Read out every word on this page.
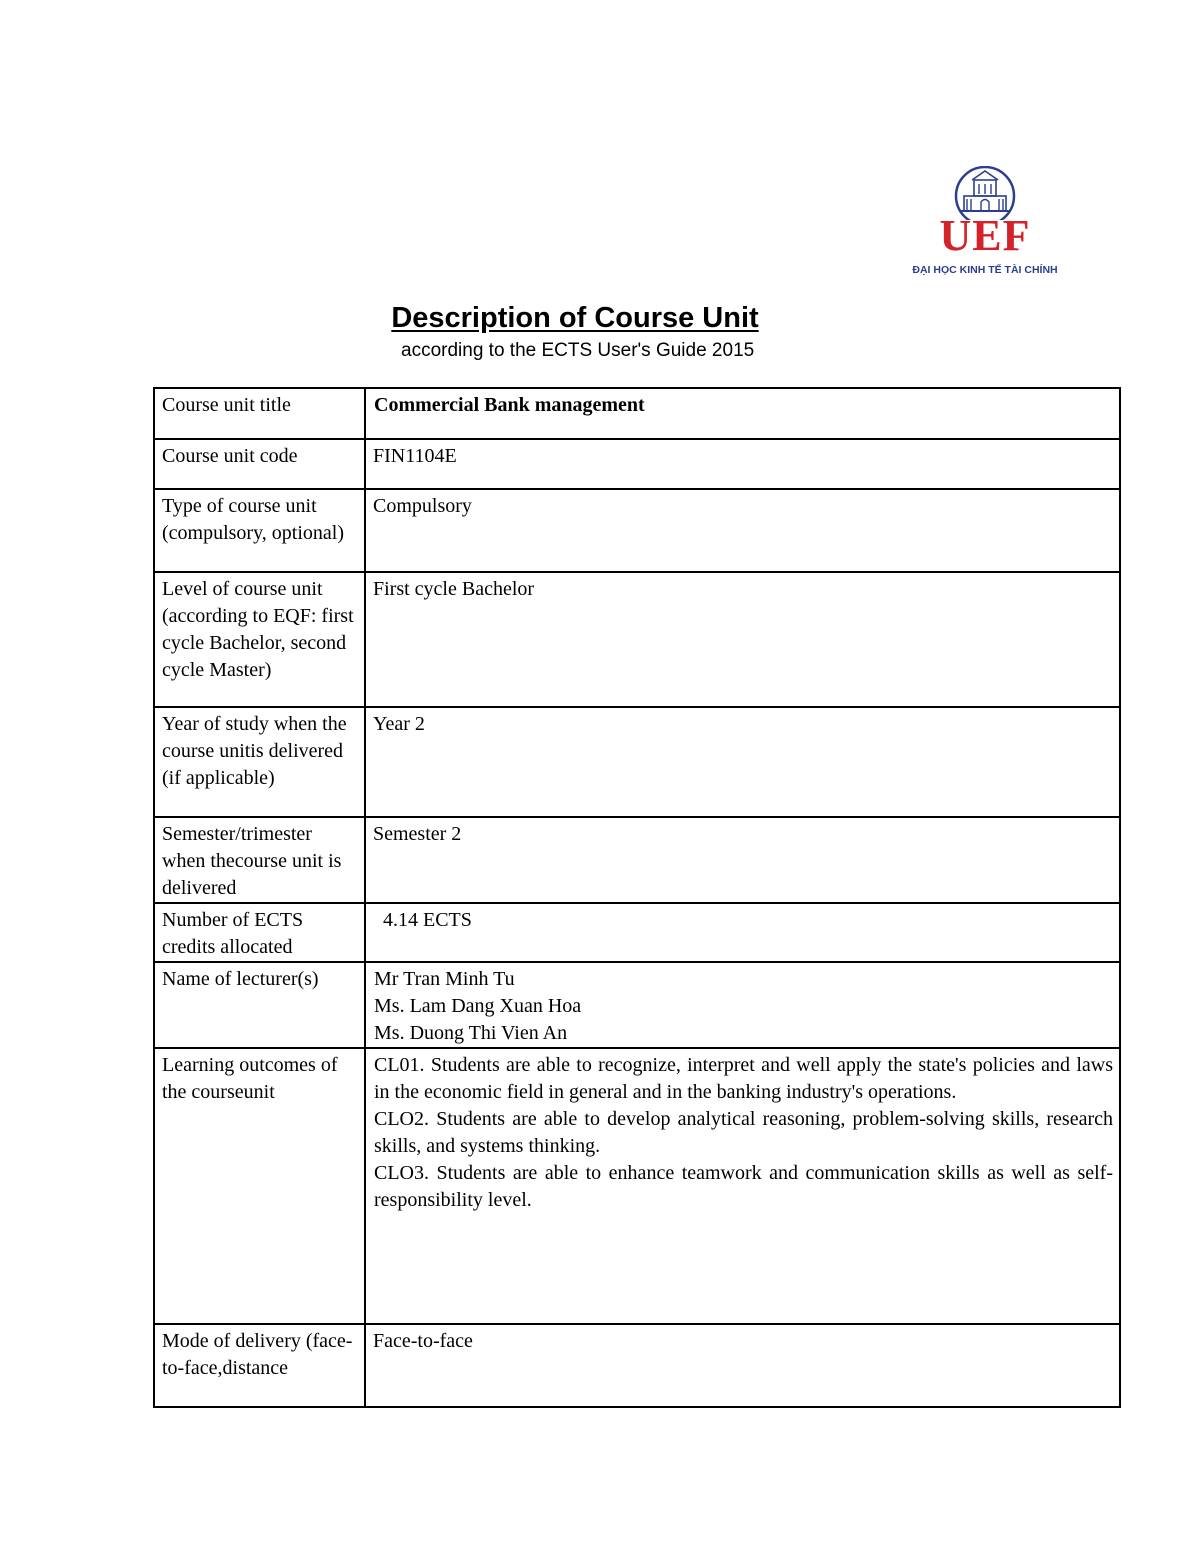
UEF
ĐẠI HỌC KINH TẾ TÀI CHÍNH
Description of Course Unit
according to the ECTS User's Guide 2015
Course unit title	Commercial Bank management
Course unit code	FIN1104E
Type of course unit (compulsory, optional)	Compulsory
Level of course unit (according to EQF: first cycle Bachelor, second cycle Master)	First cycle Bachelor
Year of study when the course unitis delivered (if applicable)	Year 2
Semester/trimester when thecourse unit is delivered	Semester 2
Number of ECTS credits allocated	4.14 ECTS
Name of lecturer(s)	Mr Tran Minh Tu
Ms. Lam Dang Xuan Hoa
Ms. Duong Thi Vien An

Learning outcomes of the courseunit	CL01. Students are able to recognize, interpret and well apply the state's policies and laws in the economic field in general and in the banking industry's operations.
CLO2. Students are able to develop analytical reasoning, problem-solving skills, research skills, and systems thinking.
CLO3. Students are able to enhance teamwork and communication skills as well as self-responsibility level.

Mode of delivery (face-to-face,distance	Face-to-face
